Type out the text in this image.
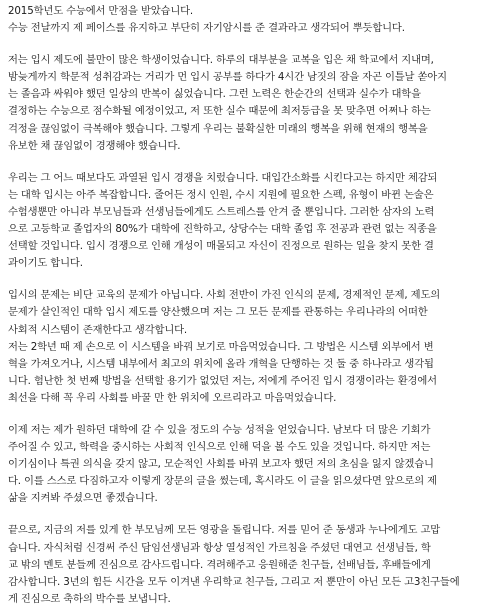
2015학년도 수능에서 만점을 받았습니다.
수능 전날까지 제 페이스를 유지하고 부단히 자기암시를 준 결과라고 생각되어 뿌듯합니다.
저는 입시 제도에 불만이 많은 학생이었습니다. 하루의 대부분을 교복을 입은 채 학교에서 지내며,
밤늦게까지 학문적 성취감과는 거리가 먼 입시 공부를 하다가 4시간 남짓의 잠을 자곤 이틀날 쏟아지
는 졸음과 싸워야 했던 일상의 반복이 싫었습니다. 그런 노력은 한순간의 선택과 실수가 대학을
결정하는 수능으로 점수화될 예정이었고, 저 또한 실수 때문에 최저등급을 못 맞추면 어쩌나 하는
걱정을 끊임없이 극복해야 했습니다. 그렇게 우리는 불확실한 미래의 행복을 위해 현재의 행복을
유보한 채 끊임없이 경쟁해야 했습니다.
우리는 그 어느 때보다도 과열된 입시 경쟁을 치렀습니다. 대입간소화를 시킨다고는 하지만 체감되
는 대학 입시는 아주 복잡합니다. 줄어든 정시 인원, 수시 지원에 필요한 스펙, 유형이 바뀐 논술은
수험생뿐만 아니라 부모님들과 선생님들에게도 스트레스를 안겨 줄 뿐입니다. 그러한 삼자의 노력
으로 고등학교 졸업자의 80%가 대학에 진학하고, 상당수는 대학 졸업 후 전공과 관련 없는 직종을
선택할 것입니다. 입시 경쟁으로 인해 개성이 매몰되고 자신이 진정으로 원하는 일을 찾지 못한 결
과이기도 합니다.
입시의 문제는 비단 교육의 문제가 아닙니다. 사회 전반이 가진 인식의 문제, 경제적인 문제, 제도의
문제가 살인적인 대학 입시 제도를 양산했으며 저는 그 모든 문제를 관통하는 우리나라의 어떠한
사회적 시스템이 존재한다고 생각합니다.
저는 2학년 때 제 손으로 이 시스템을 바꿔 보기로 마음먹었습니다. 그 방법은 시스템 외부에서 변
혁을 가져오거나, 시스템 내부에서 최고의 위치에 올라 개혁을 단행하는 것 둘 중 하나라고 생각됩
니다. 험난한 첫 번째 방법을 선택할 용기가 없었던 저는, 저에게 주어진 입시 경쟁이라는 환경에서
최선을 다해 꼭 우리 사회를 바꿀 만 한 위치에 오르리라고 마음먹었습니다.
이제 저는 제가 원하던 대학에 갈 수 있을 정도의 수능 성적을 얻었습니다. 남보다 더 많은 기회가
주어질 수 있고, 학력을 중시하는 사회적 인식으로 인해 덕을 볼 수도 있을 것입니다. 하지만 저는
이기심이나 특권 의식을 갖지 않고, 모순적인 사회를 바꿔 보고자 했던 저의 초심을 잃지 않겠습니
다. 이를 스스로 다짐하고자 이렇게 장문의 글을 썼는데, 혹시라도 이 글을 읽으셨다면 앞으로의 제
삶을 지켜봐 주셨으면 좋겠습니다.
끝으로, 지금의 저를 있게 한 부모님께 모든 영광을 돌립니다. 저를 믿어 준 동생과 누나에게도 고맙
습니다. 자식처럼 신경써 주신 담임선생님과 항상 열성적인 가르침을 주셨던 대연고 선생님들, 학
교 밖의 멘토 분들께 진심으로 감사드립니다. 격려해주고 응원해준 친구들, 선배님들, 후배들에게
감사합니다. 3년의 힘든 시간을 모두 이겨낸 우리학교 친구들, 그리고 저 뿐만이 아닌 모든 고3친구들에
게 진심으로 축하의 박수를 보냅니다.
